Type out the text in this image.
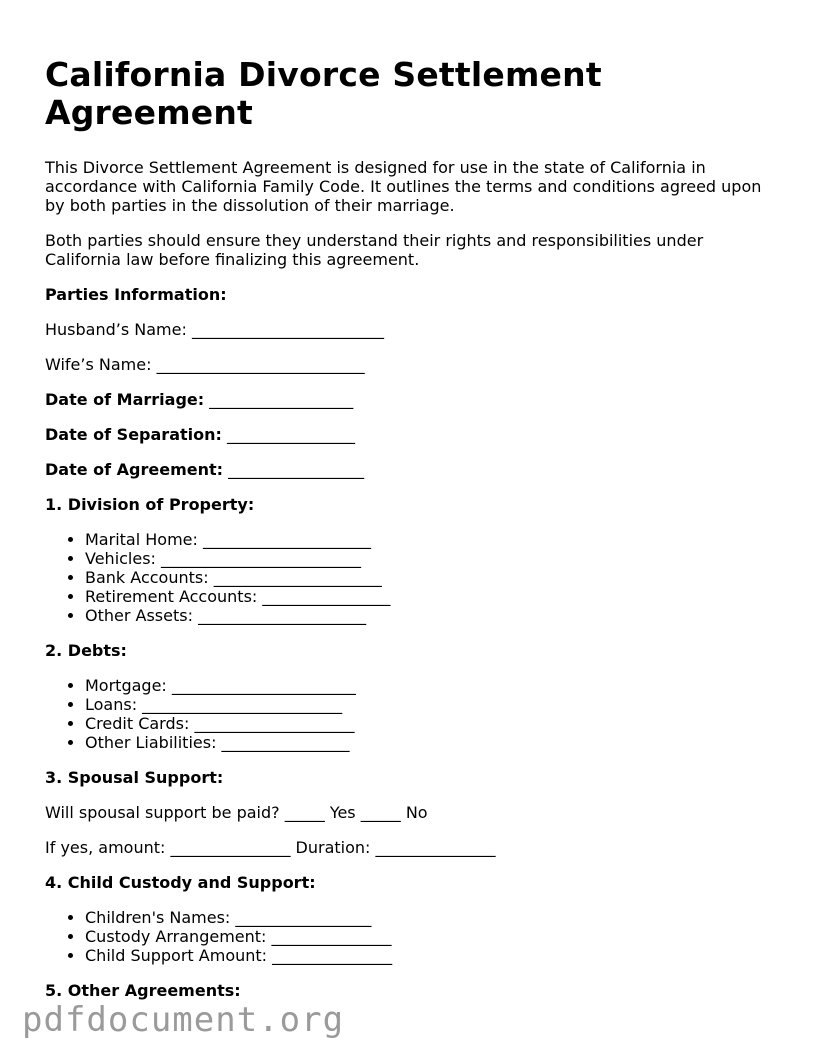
California Divorce Settlement Agreement

This Divorce Settlement Agreement is designed for use in the state of California in accordance with California Family Code. It outlines the terms and conditions agreed upon by both parties in the dissolution of their marriage.

Both parties should ensure they understand their rights and responsibilities under California law before finalizing this agreement.

Parties Information:

Husband’s Name: ________________________

Wife’s Name: __________________________

Date of Marriage: __________________

Date of Separation: ________________

Date of Agreement: _________________

1. Division of Property:

• Marital Home: _____________________
• Vehicles: _________________________
• Bank Accounts: _____________________
• Retirement Accounts: ________________
• Other Assets: _____________________

2. Debts:

• Mortgage: _______________________
• Loans: _________________________
• Credit Cards: ____________________
• Other Liabilities: ________________

3. Spousal Support:

Will spousal support be paid? _____ Yes _____ No

If yes, amount: _______________ Duration: _______________

4. Child Custody and Support:

• Children's Names: _________________
• Custody Arrangement: _______________
• Child Support Amount: _______________

5. Other Agreements:

pdfdocument.org
